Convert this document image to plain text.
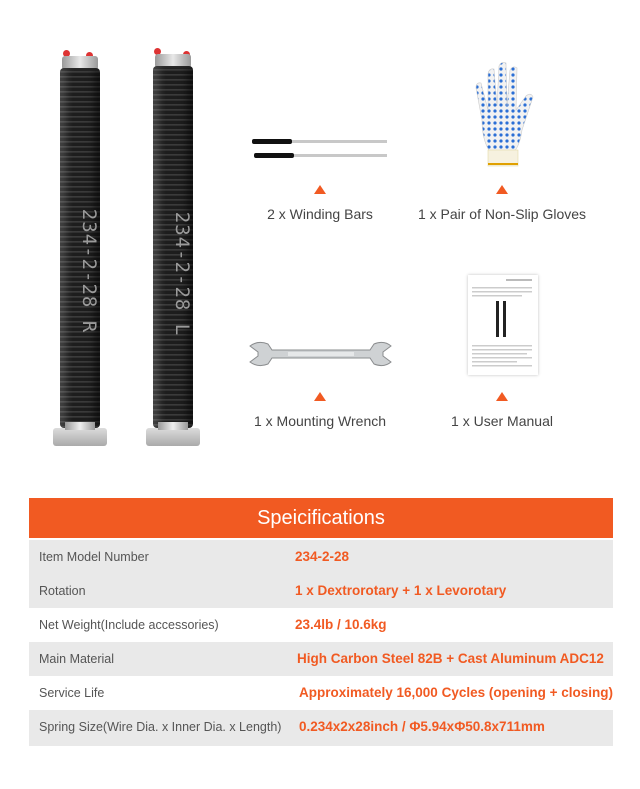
234-2-28 R	234-2-28 L	2 x Winding Bars	1 x Pair of Non-Slip Gloves
1 x Mounting Wrench	1 x User Manual
Speicifications
Item Model Number	234-2-28
Rotation	1 x Dextrorotary + 1 x Levorotary
Net Weight(Include accessories)	23.4lb / 10.6kg
Main Material	High Carbon Steel 82B + Cast Aluminum ADC12
Service Life	Approximately 16,000 Cycles (opening + closing)
Spring Size(Wire Dia. x Inner Dia. x Length) 0.234x2x28inch / Φ5.94xΦ50.8x711mm
